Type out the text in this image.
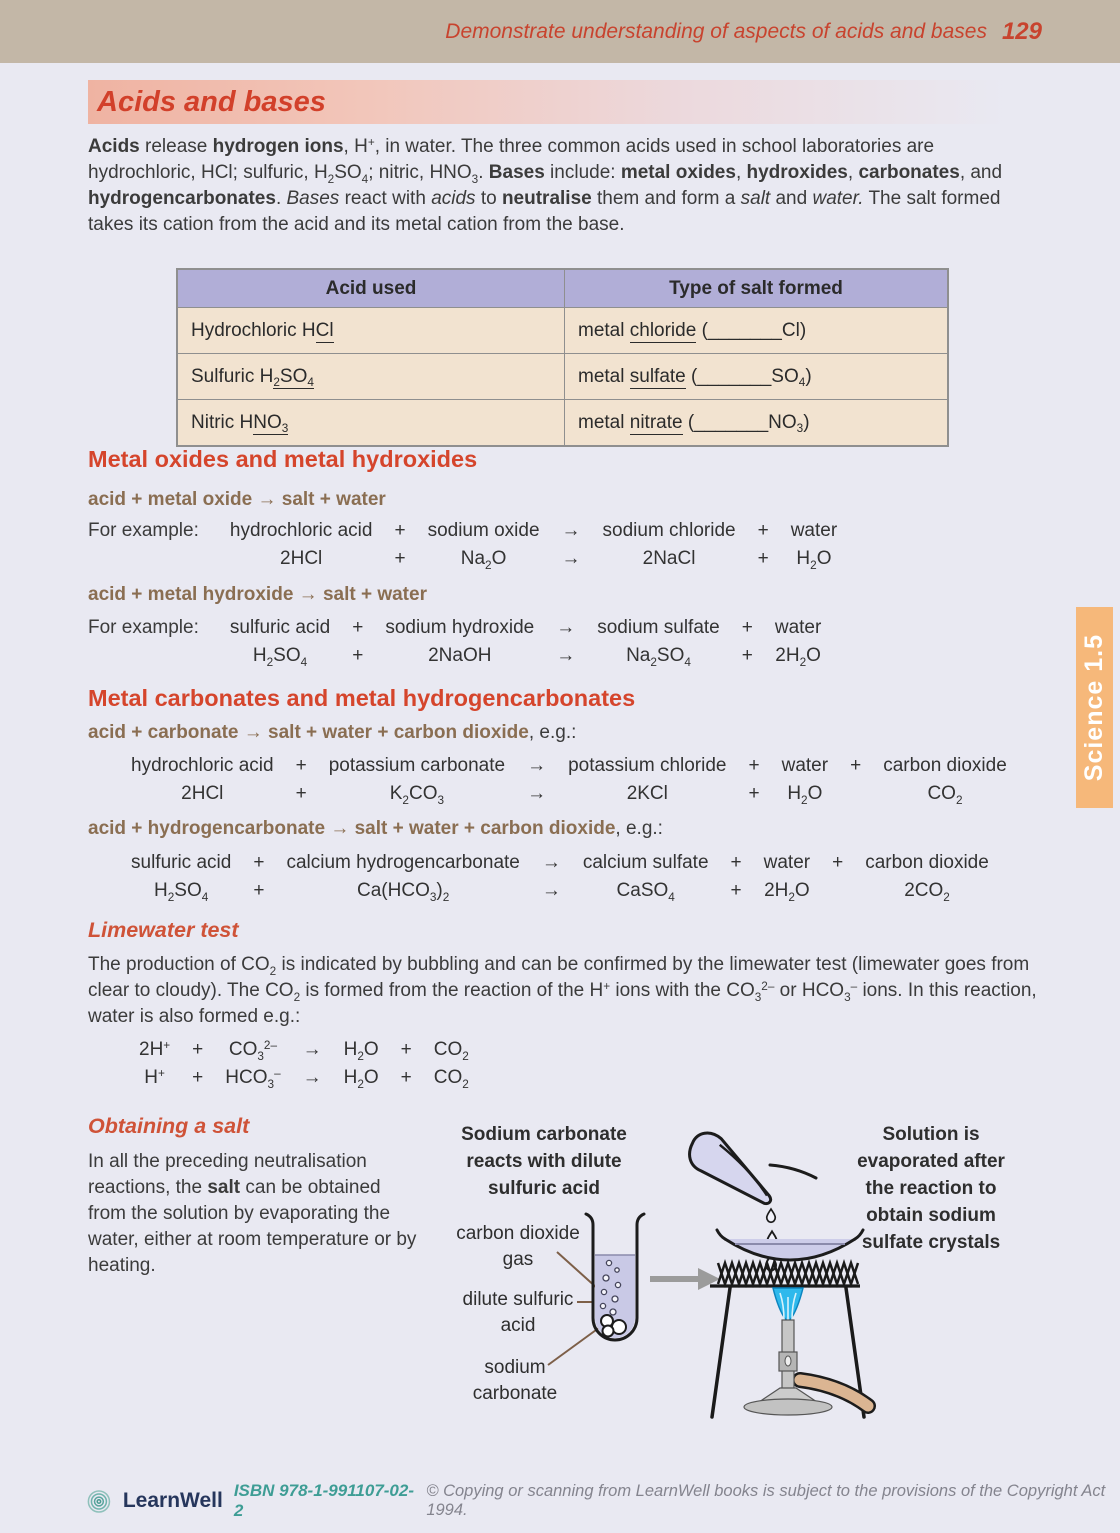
Demonstrate understanding of aspects of acids and bases 129
Acids and bases
Acids release hydrogen ions, H+, in water. The three common acids used in school laboratories are hydrochloric, HCl; sulfuric, $H_2SO_4$; nitric, $HNO_3$. Bases include: metal oxides, hydroxides, carbonates, and hydrogencarbonates. Bases react with acids to neutralise them and form a salt and water. The salt formed takes its cation from the acid and its metal cation from the base.
Acid used	Type of salt formed
Hydrochloric HCl	metal chloride (_______Cl)
Sulfuric $H_2SO_4$	metal sulfate $(\_\_\_\_\_\_\_SO_4)$
Nitric $HNO_3$	metal nitrate $(\_\_\_\_\_\_\_NO_3)$
Metal oxides and metal hydroxides
acid + metal oxide → salt + water
For example: hydrochloric acid	+	sodium oxide	→	sodium chloride	+	water
2HCl	+	$Na_2O$	→	2NaCl	+	$H_2O$
acid + metal hydroxide → salt + water
For example: sulfuric acid	+	sodium hydroxide	→	sodium sulfate	+	water
$H_2SO_4$	+	2NaOH	→	$Na_2SO_4$	+	$2H_2O$
Metal carbonates and metal hydrogencarbonates
acid + carbonate → salt + water + carbon dioxide, e.g.:
hydrochloric acid	+	potassium carbonate	→	potassium chloride	+	water	+	carbon dioxide
2HCl	+	$K_2CO_3$	→	2KCl	+	$H_2O$		$CO_2$
acid + hydrogencarbonate → salt + water + carbon dioxide, e.g.:
sulfuric acid	+	calcium hydrogencarbonate	→	calcium sulfate	+	water	+	carbon dioxide
$H_2SO_4$	+	$Ca(HCO_3)_2$	→	CaSO$_4$	+	$2H_2O$		$2CO_2$
Limewater test
The production of $CO_2$ is indicated by bubbling and can be confirmed by the limewater test (limewater goes from clear to cloudy). The $CO_2$ is formed from the reaction of the H+ ions with the $CO_3^{2-}$ or $HCO_3^-$ ions. In this reaction, water is also formed e.g.:
2H+	+	$CO_3^{2-}$	→	$H_2O$	+	$CO_2$
H+	+	$HCO_3^-$	→	$H_2O$	+	$CO_2$
Obtaining a salt
In all the preceding neutralisation reactions, the salt can be obtained from the solution by evaporating the water, either at room temperature or by heating.
Sodium carbonate reacts with dilute sulfuric acid
Solution is evaporated after the reaction to obtain sodium sulfate crystals
carbon dioxide gas
dilute sulfuric acid
sodium carbonate
Science 1.5
LearnWell ISBN 978-1-991107-02-2
© Copying or scanning from LearnWell books is subject to the provisions of the Copyright Act 1994.
